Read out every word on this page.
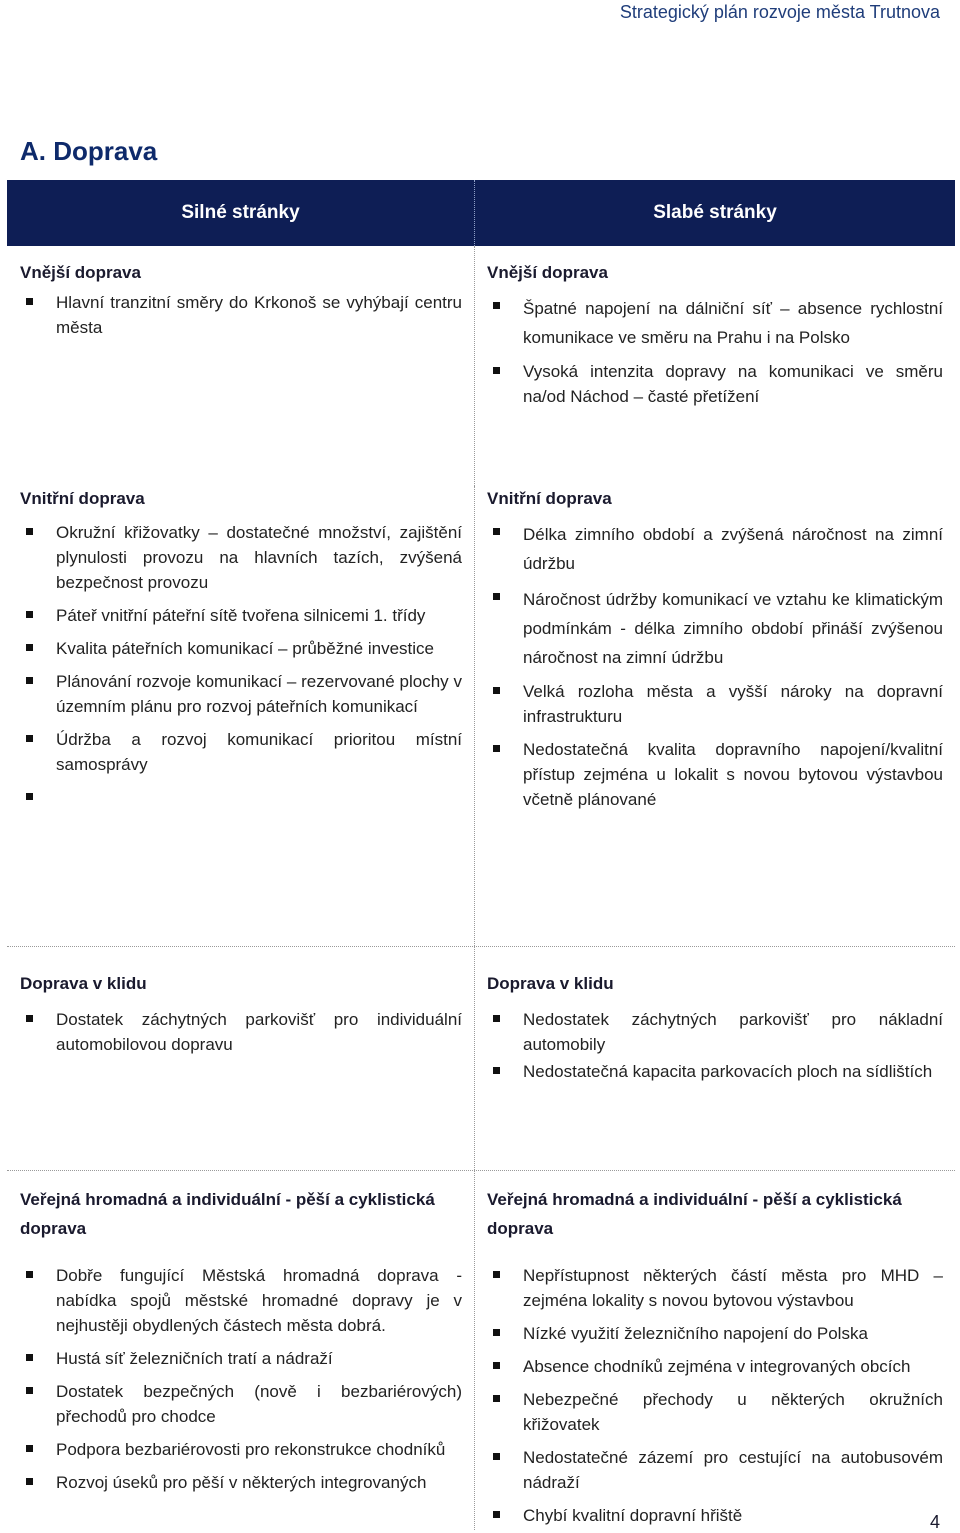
Strategický plán rozvoje města Trutnova
A. Doprava
Silné stránky	Slabé stránky

Vnější doprava

Hlavní tranzitní směry do Krkonoš se vyhýbají centru města

Vnější doprava

Špatné napojení na dálniční síť – absence rychlostní komunikace ve směru na Prahu i na Polsko
Vysoká intenzita dopravy na komunikaci ve směru na/od Náchod – časté přetížení

Vnitřní doprava

Okružní křižovatky – dostatečné množství, zajištění plynulosti provozu na hlavních tazích, zvýšená bezpečnost provozu
Páteř vnitřní páteřní sítě tvořena silnicemi 1. třídy
Kvalita páteřních komunikací – průběžné investice
Plánování rozvoje komunikací – rezervované plochy v územním plánu pro rozvoj páteřních komunikací
Údržba a rozvoj komunikací prioritou místní samosprávy

Vnitřní doprava

Délka zimního období a zvýšená náročnost na zimní údržbu
Náročnost údržby komunikací ve vztahu ke klimatickým podmínkám - délka zimního období přináší zvýšenou náročnost na zimní údržbu
Velká rozloha města a vyšší nároky na dopravní infrastrukturu
Nedostatečná kvalita dopravního napojení/kvalitní přístup zejména u lokalit s novou bytovou výstavbou včetně plánované

Doprava v klidu

Dostatek záchytných parkovišť pro individuální automobilovou dopravu

Doprava v klidu

Nedostatek záchytných parkovišť pro nákladní automobily
Nedostatečná kapacita parkovacích ploch na sídlištích

Veřejná hromadná a individuální - pěší a cyklistická doprava

Dobře fungující Městská hromadná doprava - nabídka spojů městské hromadné dopravy je v nejhustěji obydlených částech města dobrá.
Hustá síť železničních tratí a nádraží
Dostatek bezpečných (nově i bezbariérových) přechodů pro chodce
Podpora bezbariérovosti pro rekonstrukce chodníků
Rozvoj úseků pro pěší v některých integrovaných

Veřejná hromadná a individuální - pěší a cyklistická doprava

Nepřístupnost některých částí města pro MHD – zejména lokality s novou bytovou výstavbou
Nízké využití železničního napojení do Polska
Absence chodníků zejména v integrovaných obcích
Nebezpečné přechody u některých okružních křižovatek
Nedostatečné zázemí pro cestující na autobusovém nádraží
Chybí kvalitní dopravní hřiště	4
